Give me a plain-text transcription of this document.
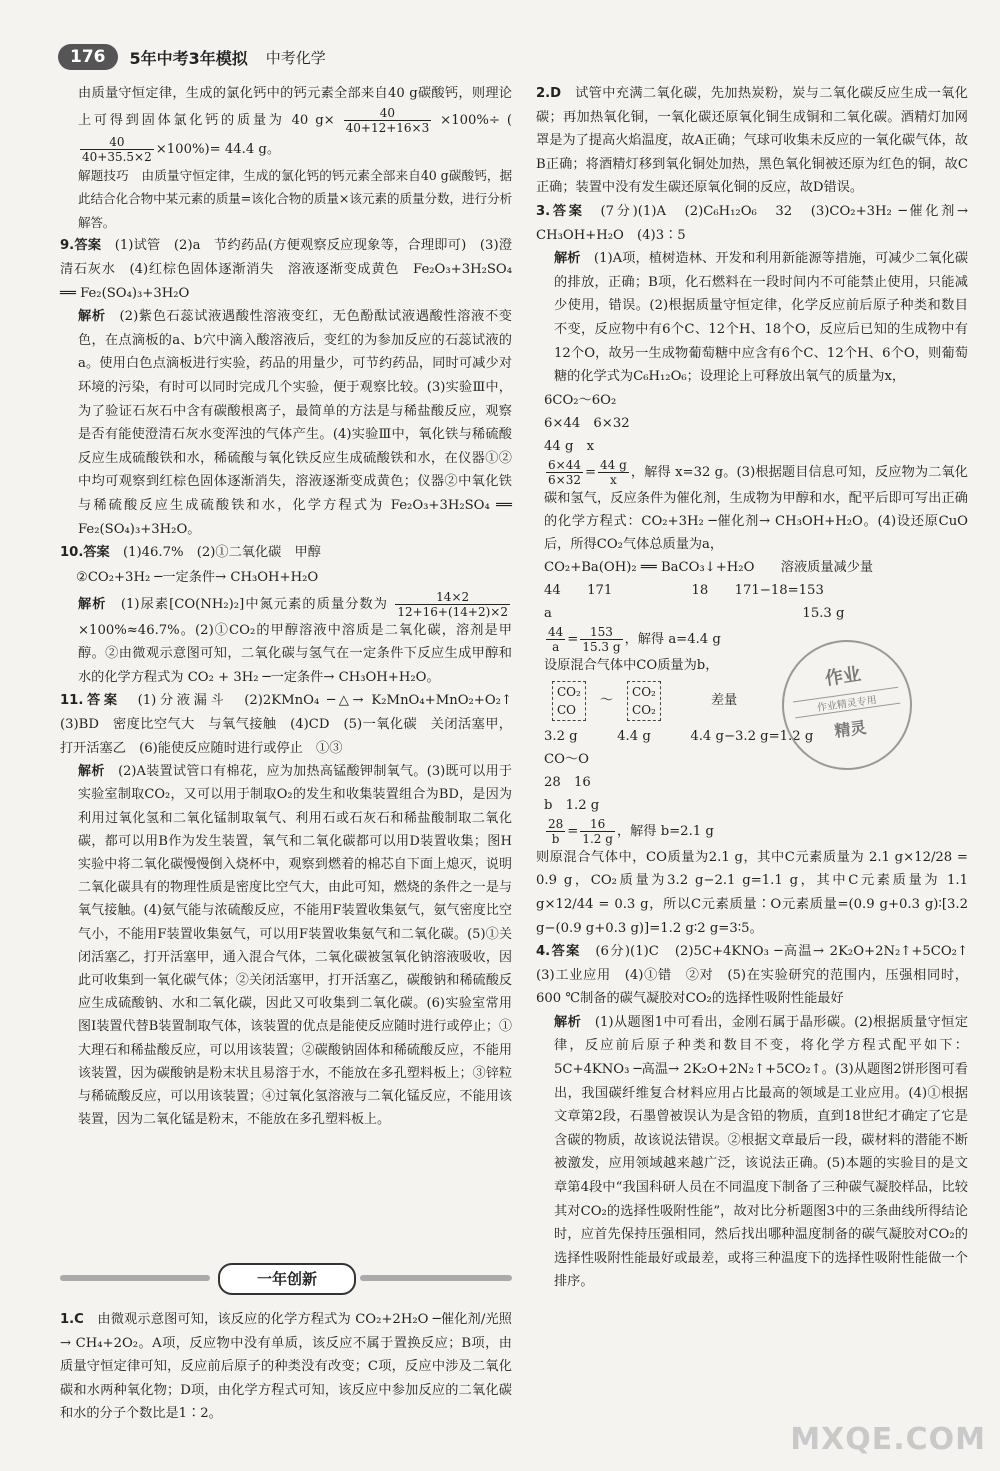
176	5年中考3年模拟 中考化学

由质量守恒定律，生成的氯化钙中的钙元素全部来自40 g碳酸钙，则理论上可得到固体氯化钙的质量为 40 $g\times \frac{40}{40+12+16\times 3} \times 100\%\div$ (
$\frac{40}{40+35.5\times 2} \times 100\%)= 44.4$ g。

解题技巧　由质量守恒定律，生成的氯化钙的钙元素全部来自40 g碳酸钙，据此结合化合物中某元素的质量=该化合物的质量×该元素的质量分数，进行分析解答。

9.答案　 (1)试管　(2)a　节约药品(方便观察反应现象等，合理即可)　(3)澄清石灰水　(4)红棕色固体逐渐消失　溶液逐渐变成黄色　Fe₂O₃+3H₂SO₄ ══ Fe₂(SO₄)₃+3H₂O

解析　 (2)紫色石蕊试液遇酸性溶液变红，无色酚酞试液遇酸性溶液不变色，在点滴板的a、b穴中滴入酸溶液后，变红的为参加反应的石蕊试液的a。使用白色点滴板进行实验，药品的用量少，可节约药品，同时可减少对环境的污染，有时可以同时完成几个实验，便于观察比较。(3)实验Ⅲ中，为了验证石灰石中含有碳酸根离子，最简单的方法是与稀盐酸反应，观察是否有能使澄清石灰水变浑浊的气体产生。(4)实验Ⅲ中，氧化铁与稀硫酸反应生成硫酸铁和水，稀硫酸与氧化铁反应生成硫酸铁和水，在仪器①②中均可观察到红棕色固体逐渐消失，溶液逐渐变成黄色；仪器②中氧化铁与稀硫酸反应生成硫酸铁和水，化学方程式为 Fe₂O₃+3H₂SO₄ ══ Fe₂(SO₄)₃+3H₂O。

10.答案　 (1)46.7%　(2)①二氧化碳　甲醇

②CO₂+3H₂ ─一定条件→ CH₃OH+H₂O

解析　 (1)尿素[CO(NH₂)₂]中氮元素的质量分数为 $\frac{14\times 2}{12+16+(14+2)\times 2}$
×100%≈46.7%。(2)①CO₂的甲醇溶液中溶质是二氧化碳，溶剂是甲醇。②由微观示意图可知，二氧化碳与氢气在一定条件下反应生成甲醇和水的化学方程式为 CO₂ + 3H₂ ─一定条件→ CH₃OH+H₂O。

11.答案　 (1)分液漏斗　(2)2KMnO₄ ─△→ K₂MnO₄+MnO₂+O₂↑　(3)BD　密度比空气大　与氧气接触　(4)CD　(5)一氧化碳　关闭活塞甲，打开活塞乙　(6)能使反应随时进行或停止　①③

解析　 (2)A装置试管口有棉花，应为加热高锰酸钾制氧气。(3)既可以用于实验室制取CO₂，又可以用于制取O₂的发生和收集装置组合为BD，是因为利用过氧化氢和二氧化锰制取氧气、利用石或石灰石和稀盐酸制取二氧化碳，都可以用B作为发生装置，氧气和二氧化碳都可以用D装置收集；图H实验中将二氧化碳慢慢倒入烧杯中，观察到燃着的棉芯自下面上熄灭，说明二氧化碳具有的物理性质是密度比空气大，由此可知，燃烧的条件之一是与氧气接触。(4)氨气能与浓硫酸反应，不能用F装置收集氨气，氨气密度比空气小，不能用F装置收集氨气，可以用F装置收集氨气和二氧化碳。(5)①关闭活塞乙，打开活塞甲，通入混合气体，二氧化碳被氢氧化钠溶液吸收，因此可收集到一氧化碳气体；②关闭活塞甲，打开活塞乙，碳酸钠和稀硫酸反应生成硫酸钠、水和二氧化碳，因此又可收集到二氧化碳。(6)实验室常用图I装置代替B装置制取气体，该装置的优点是能使反应随时进行或停止；①大理石和稀盐酸反应，可以用该装置；②碳酸钠固体和稀硫酸反应，不能用该装置，因为碳酸钠是粉末状且易溶于水，不能放在多孔塑料板上；③锌粒与稀硫酸反应，可以用该装置；④过氧化氢溶液与二氧化锰反应，不能用该装置，因为二氧化锰是粉末，不能放在多孔塑料板上。

一年创新

1.C　 由微观示意图可知，该反应的化学方程式为 CO₂+2H₂O ─催化剂/光照→ CH₄+2O₂。A项，反应物中没有单质，该反应不属于置换反应；B项，由质量守恒定律可知，反应前后原子的种类没有改变；C项，反应中涉及二氧化碳和水两种氧化物；D项，由化学方程式可知，该反应中参加反应的二氧化碳和水的分子个数比是1∶2。

2.D　 试管中充满二氧化碳，先加热炭粉，炭与二氧化碳反应生成一氧化碳；再加热氧化铜，一氧化碳还原氧化铜生成铜和二氧化碳。酒精灯加网罩是为了提高火焰温度，故A正确；气球可收集未反应的一氧化碳气体，故B正确；将酒精灯移到氧化铜处加热，黑色氧化铜被还原为红色的铜，故C正确；装置中没有发生碳还原氧化铜的反应，故D错误。

3.答案　 (7分)(1)A　(2)C₆H₁₂O₆　32　(3)CO₂+3H₂ ─催化剂→ CH₃OH+H₂O　(4)3∶5

解析　 (1)A项，植树造林、开发和利用新能源等措施，可减少二氧化碳的排放，正确；B项，化石燃料在一段时间内不可能禁止使用，只能减少使用，错误。(2)根据质量守恒定律，化学反应前后原子种类和数目不变，反应物中有6个C、12个H、18个O，反应后已知的生成物中有12个O，故另一生成物葡萄糖中应含有6个C、12个H、6个O，则葡萄糖的化学式为C₆H₁₂O₆；设理论上可释放出氧气的质量为x，

6CO₂～6O₂
6×44　6×32
44 g　x
$\frac{6\times 44}{6\times 32} = \frac{44 g}{x}$ ，解得 x=32 g。(3)根据题目信息可知，反应物为二氧化碳和氢气，反应条件为催化剂，生成物为甲醇和水，配平后即可写出正确的化学方程式：CO₂+3H₂ ─催化剂→ CH₃OH+H₂O。(4)设还原CuO后，所得CO₂气体总质量为a，
CO₂+Ba(OH)₂ ══ BaCO₃↓+H₂O　　溶液质量减少量
44　　171　　　　　　18　　171−18=153
a　　　　　　　　　　　　　　　　　　　15.3 g
$\frac{44}{a} = \frac{153}{15.3 g}$ ，解得 a=4.4 g
设原混合气体中CO质量为b，
CO₂
CO
～
CO₂
CO₂
差量
3.2 g　　　4.4 g　　　4.4 g−3.2 g=1.2 g
CO～O
28　16
b　1.2 g
$\frac{28}{b} = \frac{16}{1.2 g}$ ，解得 b=2.1 g

则原混合气体中，CO质量为2.1 g，其中C元素质量为 2.1 g×12/28 = 0.9 g，CO₂质量为3.2 g−2.1 g=1.1 g，其中C元素质量为 1.1 g×12/44 = 0.3 g，所以C元素质量∶O元素质量=(0.9 g+0.3 g)∶[3.2 g−(0.9 g+0.3 g)]=1.2 g∶2 g=3∶5。

4.答案　 (6分)(1)C　(2)5C+4KNO₃ ─高温→ 2K₂O+2N₂↑+5CO₂↑　(3)工业应用　(4)①错　②对　(5)在实验研究的范围内，压强相同时，600 ℃制备的碳气凝胶对CO₂的选择性吸附性能最好

解析　 (1)从题图1中可看出，金刚石属于晶形碳。(2)根据质量守恒定律，反应前后原子种类和数目不变，将化学方程式配平如下：5C+4KNO₃ ─高温→ 2K₂O+2N₂↑+5CO₂↑。(3)从题图2饼形图可看出，我国碳纤维复合材料应用占比最高的领域是工业应用。(4)①根据文章第2段，石墨曾被误认为是含铅的物质，直到18世纪才确定了它是含碳的物质，故该说法错误。②根据文章最后一段，碳材料的潜能不断被激发，应用领域越来越广泛，该说法正确。(5)本题的实验目的是文章第4段中“我国科研人员在不同温度下制备了三种碳气凝胶样品，比较其对CO₂的选择性吸附性能”，故对比分析题图3中的三条曲线所得结论时，应首先保持压强相同，然后找出哪种温度制备的碳气凝胶对CO₂的选择性吸附性能最好或最差，或将三种温度下的选择性吸附性能做一个排序。

作业
作业精灵专用
精灵
MXQE.COM
